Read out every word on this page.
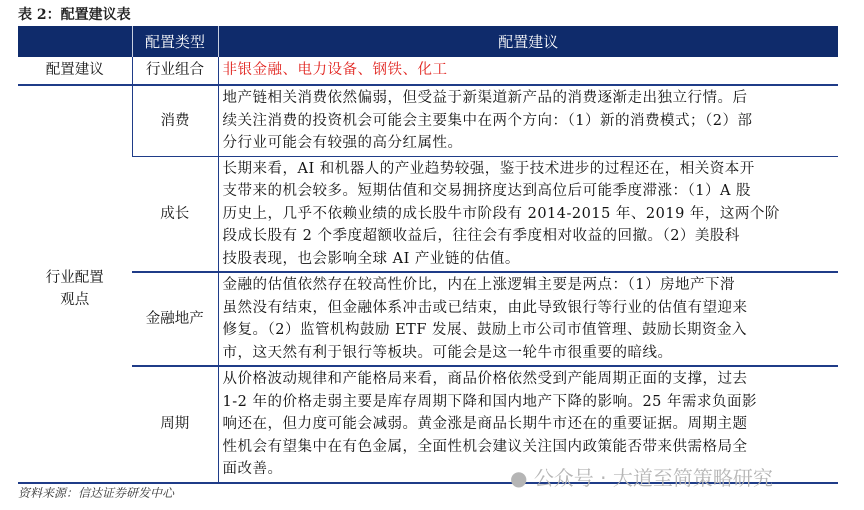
表 2：配置建议表
	配置类型	配置建议
配置建议	行业组合	非银金融、电力设备、钢铁、化工
行业配置观点	消费	地产链相关消费依然偏弱，但受益于新渠道新产品的消费逐渐走出独立行情。后
续关注消费的投资机会可能会主要集中在两个方向：（1）新的消费模式；（2）部
分行业可能会有较强的高分红属性。

	成长	长期来看，AI 和机器人的产业趋势较强，鉴于技术进步的过程还在，相关资本开
支带来的机会较多。短期估值和交易拥挤度达到高位后可能季度滞涨：（1）A 股
历史上，几乎不依赖业绩的成长股牛市阶段有 2014-2015 年、2019 年，这两个阶
段成长股有 2 个季度超额收益后，往往会有季度相对收益的回撤。（2）美股科
技股表现，也会影响全球 AI 产业链的估值。

	金融地产	金融的估值依然存在较高性价比，内在上涨逻辑主要是两点：（1）房地产下滑
虽然没有结束，但金融体系冲击或已结束，由此导致银行等行业的估值有望迎来
修复。（2）监管机构鼓励 ETF 发展、鼓励上市公司市值管理、鼓励长期资金入
市，这天然有利于银行等板块。可能会是这一轮牛市很重要的暗线。

	周期	从价格波动规律和产能格局来看，商品价格依然受到产能周期正面的支撑，过去
1-2 年的价格走弱主要是库存周期下降和国内地产下降的影响。25 年需求负面影
响还在，但力度可能会减弱。黄金涨是商品长期牛市还在的重要证据。周期主题
性机会有望集中在有色金属，全面性机会建议关注国内政策能否带来供需格局全
面改善。	● 公众号 · 大道至简策略研究
资料来源：信达证券研发中心
